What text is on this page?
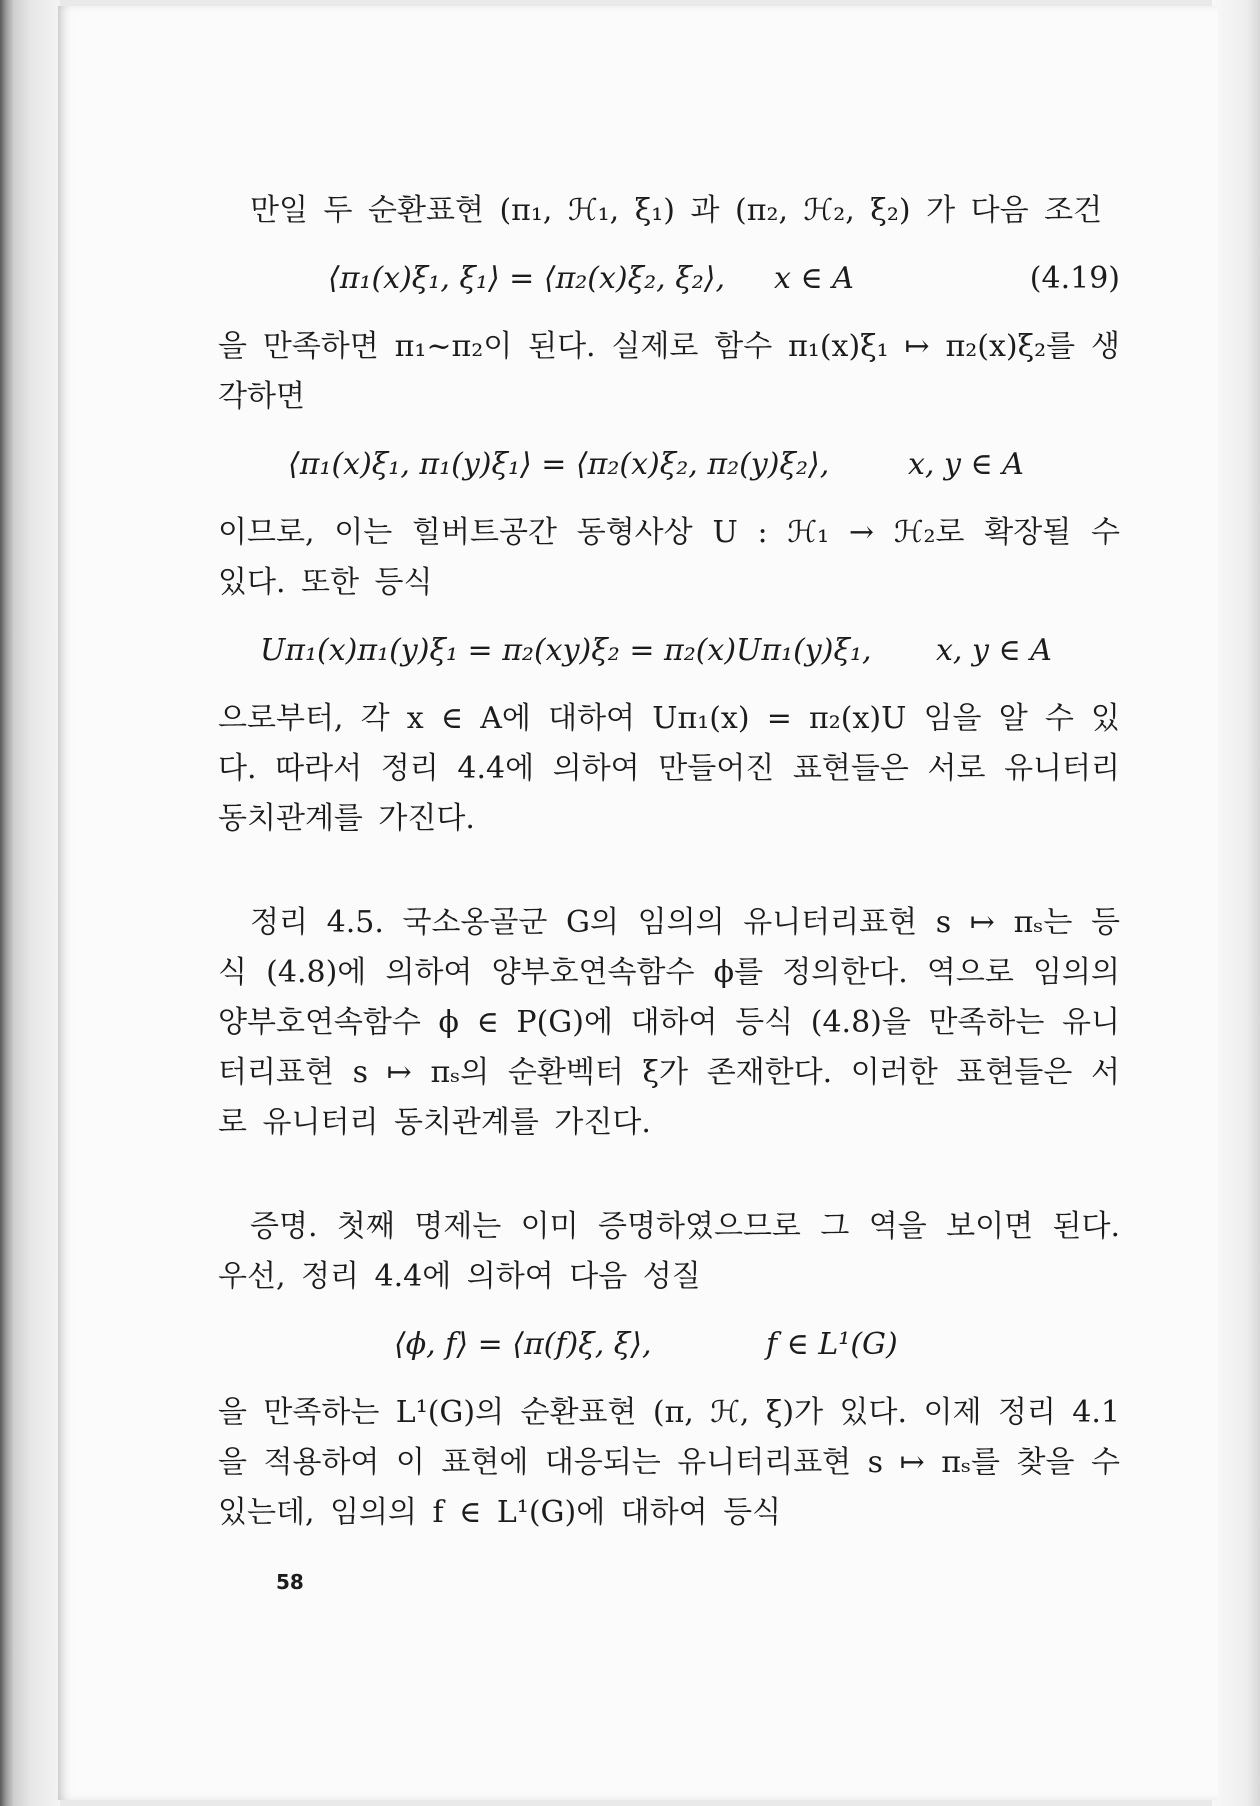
만일 두 순환표현 (π₁, ℋ₁, ξ₁) 과 (π₂, ℋ₂, ξ₂) 가 다음 조건

⟨π₁(x)ξ₁, ξ₁⟩ = ⟨π₂(x)ξ₂, ξ₂⟩, x ∈ A	(4.19)

을 만족하면 π₁~π₂이 된다. 실제로 함수 π₁(x)ξ₁ ↦ π₂(x)ξ₂를 생각하면

⟨π₁(x)ξ₁, π₁(y)ξ₁⟩ = ⟨π₂(x)ξ₂, π₂(y)ξ₂⟩,	x, y ∈ A

이므로, 이는 힐버트공간 동형사상 U : ℋ₁ → ℋ₂로 확장될 수 있다. 또한 등식

Uπ₁(x)π₁(y)ξ₁ = π₂(xy)ξ₂ = π₂(x)Uπ₁(y)ξ₁, x, y ∈ A

으로부터, 각 x ∈ A에 대하여 Uπ₁(x) = π₂(x)U 임을 알 수 있다. 따라서 정리 4.4에 의하여 만들어진 표현들은 서로 유니터리 동치관계를 가진다.

정리 4.5. 국소옹골군 G의 임의의 유니터리표현 s ↦ πₛ는 등식 (4.8)에 의하여 양부호연속함수 ϕ를 정의한다. 역으로 임의의 양부호연속함수 ϕ ∈ P(G)에 대하여 등식 (4.8)을 만족하는 유니터리표현 s ↦ πₛ의 순환벡터 ξ가 존재한다. 이러한 표현들은 서로 유니터리 동치관계를 가진다.

증명. 첫째 명제는 이미 증명하였으므로 그 역을 보이면 된다. 우선, 정리 4.4에 의하여 다음 성질

⟨ϕ, f⟩ = ⟨π(f)ξ, ξ⟩,	f ∈ L¹(G)

을 만족하는 L¹(G)의 순환표현 (π, ℋ, ξ)가 있다. 이제 정리 4.1을 적용하여 이 표현에 대응되는 유니터리표현 s ↦ πₛ를 찾을 수 있는데, 임의의 f ∈ L¹(G)에 대하여 등식

58
